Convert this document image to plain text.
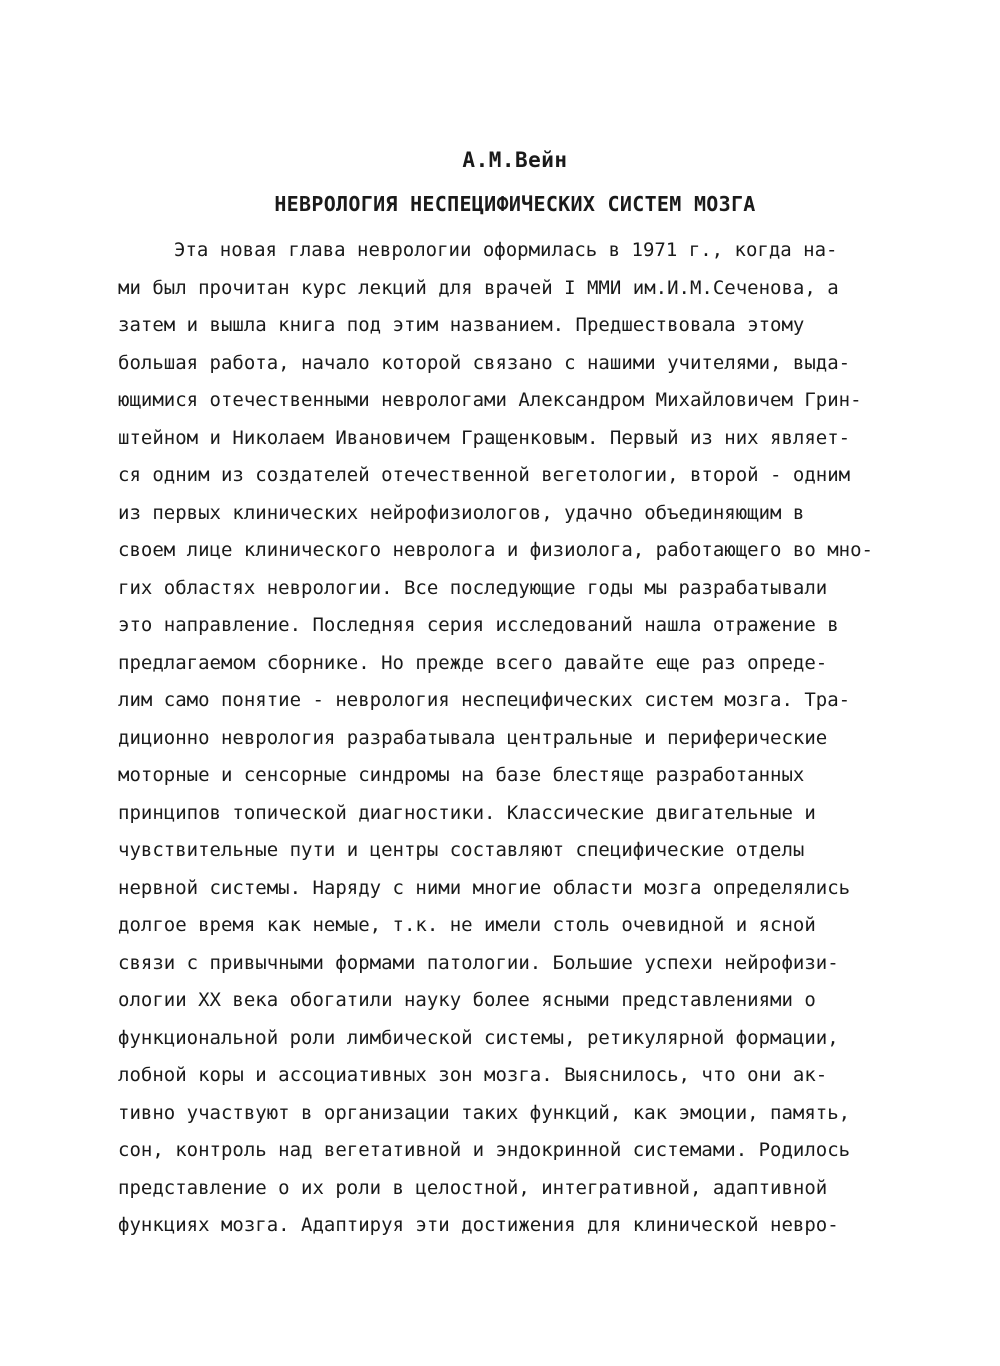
А.М.Вейн
НЕВРОЛОГИЯ НЕСПЕЦИФИЧЕСКИХ СИСТЕМ МОЗГА
Эта новая глава неврологии оформилась в 1971 г., когда на-
ми был прочитан курс лекций для врачей I ММИ им.И.М.Сеченова, а
затем и вышла книга под этим названием. Предшествовала этому
большая работа, начало которой связано с нашими учителями, выда-
ющимися отечественными неврологами Александром Михайловичем Грин-
штейном и Николаем Ивановичем Гращенковым. Первый из них являет-
ся одним из создателей отечественной вегетологии, второй - одним
из первых клинических нейрофизиологов, удачно объединяющим в
своем лице клинического невролога и физиолога, работающего во мно-
гих областях неврологии. Все последующие годы мы разрабатывали
это направление. Последняя серия исследований нашла отражение в
предлагаемом сборнике. Но прежде всего давайте еще раз опреде-
лим само понятие - неврология неспецифических систем мозга. Тра-
диционно неврология разрабатывала центральные и периферические
моторные и сенсорные синдромы на базе блестяще разработанных
принципов топической диагностики. Классические двигательные и
чувствительные пути и центры составляют специфические отделы
нервной системы. Наряду с ними многие области мозга определялись
долгое время как немые, т.к. не имели столь очевидной и ясной
связи с привычными формами патологии. Большие успехи нейрофизи-
ологии XX века обогатили науку более ясными представлениями о
функциональной роли лимбической системы, ретикулярной формации,
лобной коры и ассоциативных зон мозга. Выяснилось, что они ак-
тивно участвуют в организации таких функций, как эмоции, память,
сон, контроль над вегетативной и эндокринной системами. Родилось
представление о их роли в целостной, интегративной, адаптивной
функциях мозга. Адаптируя эти достижения для клинической невро-
